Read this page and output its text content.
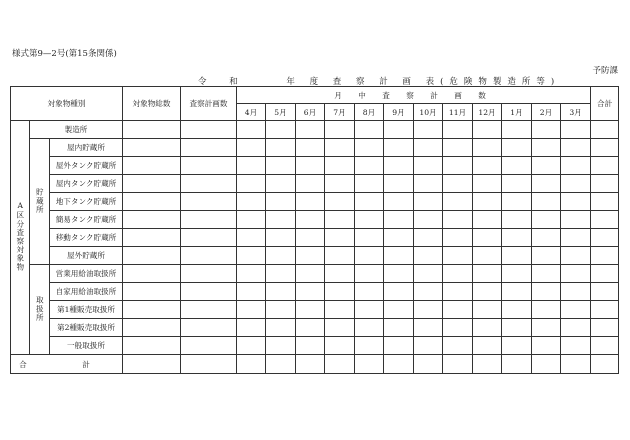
様式第9—2号(第15条関係)
予防課
令 和	年 度 査 察 計 画 表(危険物製造所等)
対象物種別			対象物総数	査察計画数	月 中 査 察 計 画 数												合計
					4月	5月	6月	7月	8月	9月	10月	11月	12月	1月	2月	3月	
A区分査察対象物	製造所																
	貯蔵所	屋内貯蔵所															
		屋外タンク貯蔵所															
		屋内タンク貯蔵所															
		地下タンク貯蔵所															
		簡易タンク貯蔵所															
		移動タンク貯蔵所															
		屋外貯蔵所															
	取扱所	営業用給油取扱所															
		自家用給油取扱所															
		第1種販売取扱所															
		第2種販売取扱所															
		一般取扱所															
合　計																	
